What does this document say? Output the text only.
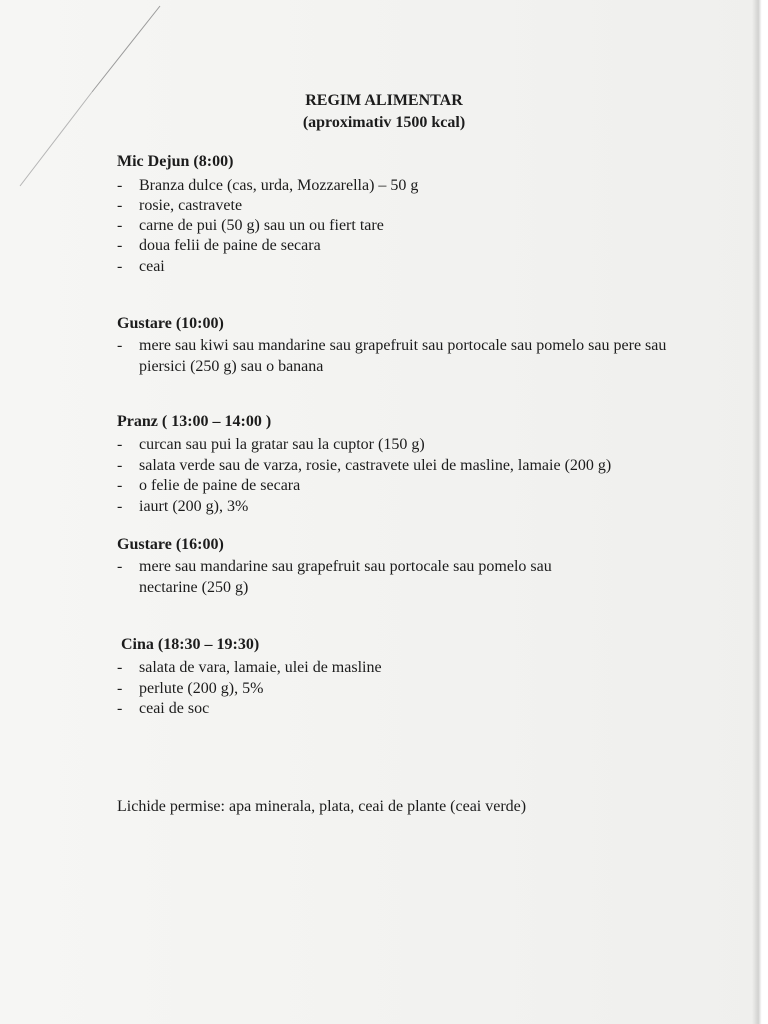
REGIM ALIMENTAR
(aproximativ 1500 kcal)
Mic Dejun (8:00)
- Branza dulce (cas, urda, Mozzarella) – 50 g
- rosie, castravete
- carne de pui (50 g) sau un ou fiert tare
- doua felii de paine de secara
- ceai
Gustare (10:00)
- mere sau kiwi sau mandarine sau grapefruit sau portocale sau pomelo sau pere sau piersici (250 g) sau o banana
Pranz ( 13:00 – 14:00 )
- curcan sau pui la gratar sau la cuptor (150 g)
- salata verde sau de varza, rosie, castravete ulei de masline, lamaie (200 g)
- o felie de paine de secara
- iaurt (200 g), 3%
Gustare (16:00)
- mere sau mandarine sau grapefruit sau portocale sau pomelo sau nectarine (250 g)
Cina (18:30 – 19:30)
- salata de vara, lamaie, ulei de masline
- perlute (200 g), 5%
- ceai de soc
Lichide permise: apa minerala, plata, ceai de plante (ceai verde)
